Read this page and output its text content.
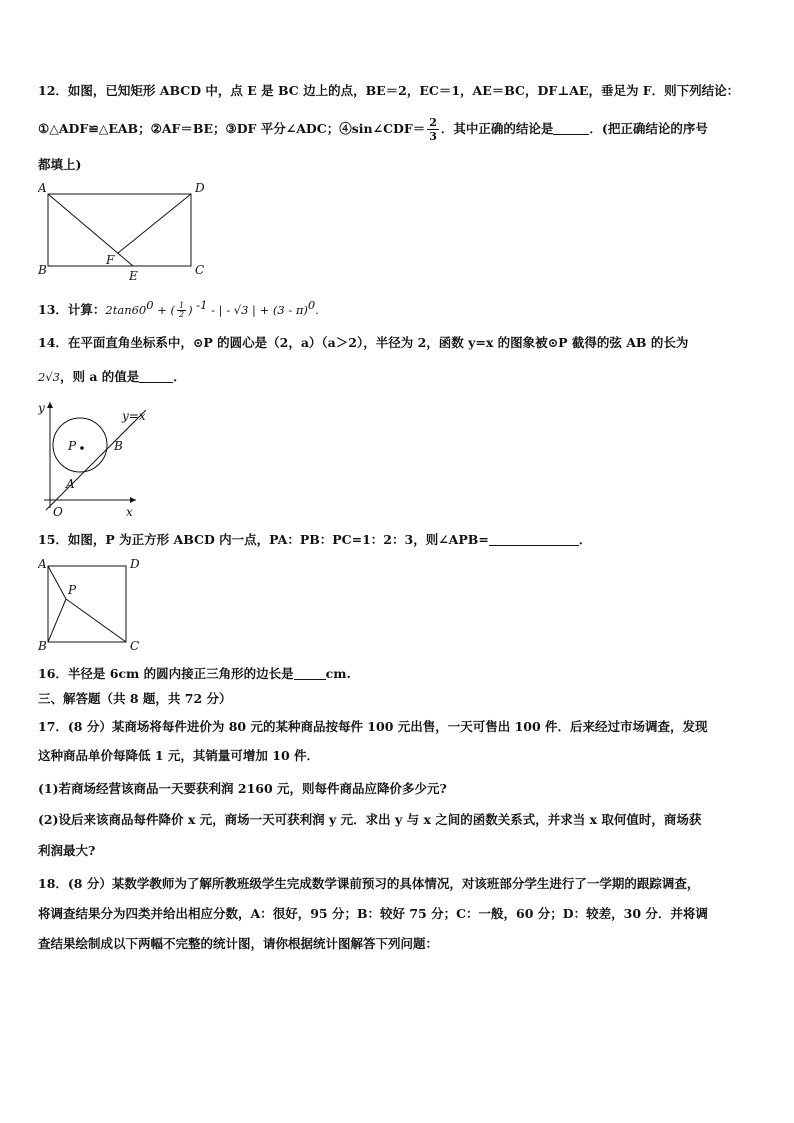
12．如图，已知矩形 ABCD 中，点 E 是 BC 边上的点，BE＝2，EC＝1，AE＝BC，DF⊥AE，垂足为 F．则下列结论：
①△ADF≌△EAB；②AF＝BE；③DF 平分∠ADC；④sin∠CDF＝ $\frac{2}{3}$ ．其中正确的结论是	．(把正确结论的序号
都填上)
A	D
B	C
E
F
13．计算：$2\tan 60^0$ + ( $\frac{1}{2}$ ) $^{-1}$ - | - √3 | + (3 - π)$^0$.
14．在平面直角坐标系中，⊙P 的圆心是（2，a）（a＞2），半径为 2，函数 y=x 的图象被⊙P 截得的弦 AB 的长为
2√3，则 a 的值是	．
y
x
O
A
B
P
y=x
15．如图，P 为正方形 ABCD 内一点，PA：PB：PC=1：2：3，则∠APB=	．
A	D
B	C
P
16．半径是 6cm 的圆内接正三角形的边长是	cm.
三、解答题（共 8 题，共 72 分）
17．(8 分）某商场将每件进价为 80 元的某种商品按每件 100 元出售，一天可售出 100 件．后来经过市场调查，发现
这种商品单价每降低 1 元，其销量可增加 10 件．
(1)若商场经营该商品一天要获利润 2160 元，则每件商品应降价多少元?
(2)设后来该商品每件降价 x 元，商场一天可获利润 y 元．求出 y 与 x 之间的函数关系式，并求当 x 取何值时，商场获
利润最大?
18．(8 分）某数学教师为了解所教班级学生完成数学课前预习的具体情况，对该班部分学生进行了一学期的跟踪调查，
将调查结果分为四类并给出相应分数，A：很好，95 分；B：较好 75 分；C：一般，60 分；D：较差，30 分．并将调
查结果绘制成以下两幅不完整的统计图，请你根据统计图解答下列问题：
